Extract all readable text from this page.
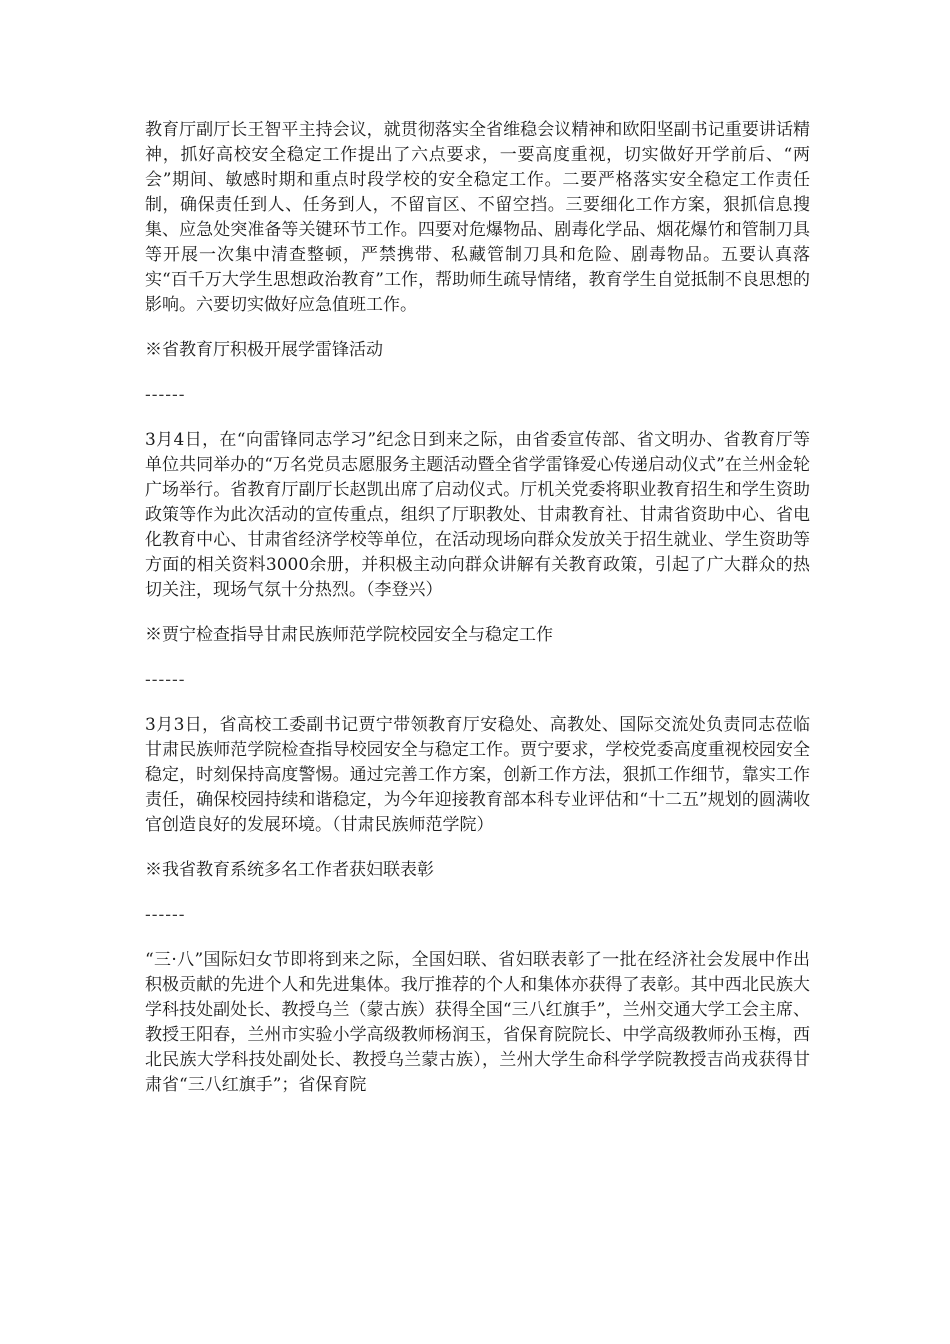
教育厅副厅长王智平主持会议，就贯彻落实全省维稳会议精神和欧阳坚副书记重要讲话精神，抓好高校安全稳定工作提出了六点要求，一要高度重视，切实做好开学前后、“两会”期间、敏感时期和重点时段学校的安全稳定工作。二要严格落实安全稳定工作责任制，确保责任到人、任务到人，不留盲区、不留空挡。三要细化工作方案，狠抓信息搜集、应急处突准备等关键环节工作。四要对危爆物品、剧毒化学品、烟花爆竹和管制刀具等开展一次集中清查整顿，严禁携带、私藏管制刀具和危险、剧毒物品。五要认真落实“百千万大学生思想政治教育”工作，帮助师生疏导情绪，教育学生自觉抵制不良思想的影响。六要切实做好应急值班工作。

※省教育厅积极开展学雷锋活动

------

3月4日，在“向雷锋同志学习”纪念日到来之际，由省委宣传部、省文明办、省教育厅等单位共同举办的“万名党员志愿服务主题活动暨全省学雷锋爱心传递启动仪式”在兰州金轮广场举行。省教育厅副厅长赵凯出席了启动仪式。厅机关党委将职业教育招生和学生资助政策等作为此次活动的宣传重点，组织了厅职教处、甘肃教育社、甘肃省资助中心、省电化教育中心、甘肃省经济学校等单位，在活动现场向群众发放关于招生就业、学生资助等方面的相关资料3000余册，并积极主动向群众讲解有关教育政策，引起了广大群众的热切关注，现场气氛十分热烈。（李登兴）

※贾宁检查指导甘肃民族师范学院校园安全与稳定工作

------

3月3日，省高校工委副书记贾宁带领教育厅安稳处、高教处、国际交流处负责同志莅临甘肃民族师范学院检查指导校园安全与稳定工作。贾宁要求，学校党委高度重视校园安全稳定，时刻保持高度警惕。通过完善工作方案，创新工作方法，狠抓工作细节，靠实工作责任，确保校园持续和谐稳定，为今年迎接教育部本科专业评估和“十二五”规划的圆满收官创造良好的发展环境。（甘肃民族师范学院）

※我省教育系统多名工作者获妇联表彰

------

“三·八”国际妇女节即将到来之际，全国妇联、省妇联表彰了一批在经济社会发展中作出积极贡献的先进个人和先进集体。我厅推荐的个人和集体亦获得了表彰。其中西北民族大学科技处副处长、教授乌兰（蒙古族）获得全国“三八红旗手”，兰州交通大学工会主席、教授王阳春，兰州市实验小学高级教师杨润玉，省保育院院长、中学高级教师孙玉梅，西北民族大学科技处副处长、教授乌兰蒙古族），兰州大学生命科学学院教授吉尚戎获得甘肃省“三八红旗手”；省保育院
